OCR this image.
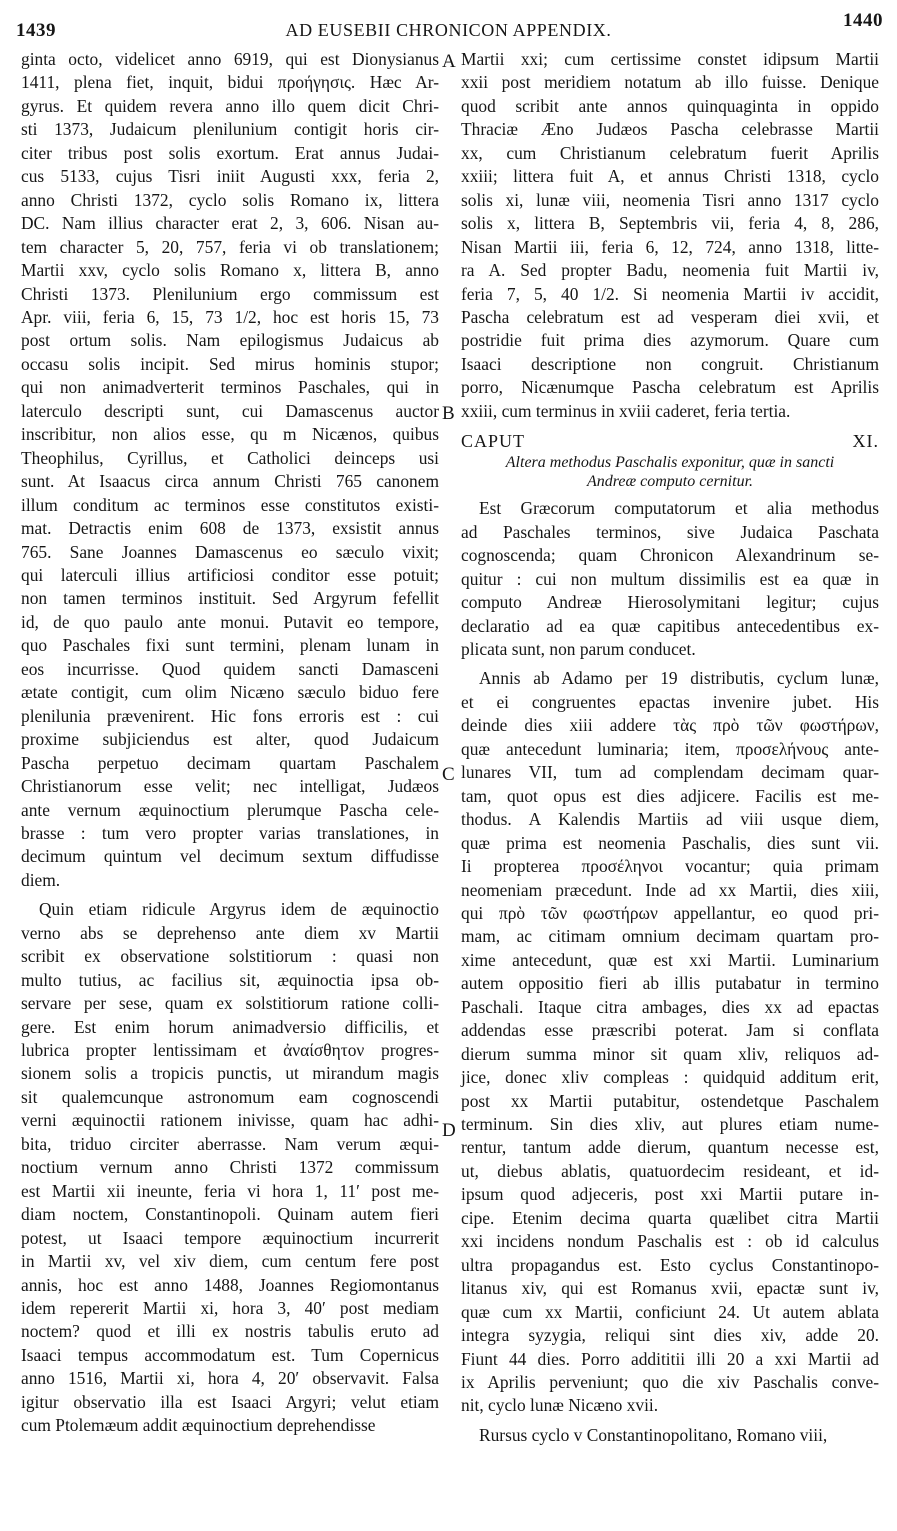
1439	AD EUSEBII CHRONICON APPENDIX.	1440
A
B
C
D

ginta octo, videlicet anno 6919, qui est Dionysianus

1411, plena fiet, inquit, bidui προήγησις. Hæc Ar-

gyrus. Et quidem revera anno illo quem dicit Chri-

sti 1373, Judaicum plenilunium contigit horis cir-

citer tribus post solis exortum. Erat annus Judai-

cus 5133, cujus Tisri iniit Augusti xxx, feria 2,

anno Christi 1372, cyclo solis Romano ix, littera

DC. Nam illius character erat 2, 3, 606. Nisan au-

tem character 5, 20, 757, feria vi ob translationem;

Martii xxv, cyclo solis Romano x, littera B, anno

Christi 1373. Plenilunium ergo commissum est

Apr. viii, feria 6, 15, 73 1/2, hoc est horis 15, 73

post ortum solis. Nam epilogismus Judaicus ab

occasu solis incipit. Sed mirus hominis stupor;

qui non animadverterit terminos Paschales, qui in

laterculo descripti sunt, cui Damascenus auctor

inscribitur, non alios esse, qu m Nicænos, quibus

Theophilus, Cyrillus, et Catholici deinceps usi

sunt. At Isaacus circa annum Christi 765 canonem

illum conditum ac terminos esse constitutos existi-

mat. Detractis enim 608 de 1373, exsistit annus

765. Sane Joannes Damascenus eo sæculo vixit;

qui laterculi illius artificiosi conditor esse potuit;

non tamen terminos instituit. Sed Argyrum fefellit

id, de quo paulo ante monui. Putavit eo tempore,

quo Paschales fixi sunt termini, plenam lunam in

eos incurrisse. Quod quidem sancti Damasceni

ætate contigit, cum olim Nicæno sæculo biduo fere

plenilunia prævenirent. Hic fons erroris est : cui

proxime subjiciendus est alter, quod Judaicum

Pascha perpetuo decimam quartam Paschalem

Christianorum esse velit; nec intelligat, Judæos

ante vernum æquinoctium plerumque Pascha cele-

brasse : tum vero propter varias translationes, in

decimum quintum vel decimum sextum diffudisse

diem.

Quin etiam ridicule Argyrus idem de æquinoctio

verno abs se deprehenso ante diem xv Martii

scribit ex observatione solstitiorum : quasi non

multo tutius, ac facilius sit, æquinoctia ipsa ob-

servare per sese, quam ex solstitiorum ratione colli-

gere. Est enim horum animadversio difficilis, et

lubrica propter lentissimam et ἀναίσθητον progres-

sionem solis a tropicis punctis, ut mirandum magis

sit qualemcunque astronomum eam cognoscendi

verni æquinoctii rationem inivisse, quam hac adhi-

bita, triduo circiter aberrasse. Nam verum æqui-

noctium vernum anno Christi 1372 commissum

est Martii xii ineunte, feria vi hora 1, 11′ post me-

diam noctem, Constantinopoli. Quinam autem fieri

potest, ut Isaaci tempore æquinoctium incurrerit

in Martii xv, vel xiv diem, cum centum fere post

annis, hoc est anno 1488, Joannes Regiomontanus

idem repererit Martii xi, hora 3, 40′ post mediam

noctem? quod et illi ex nostris tabulis eruto ad

Isaaci tempus accommodatum est. Tum Copernicus

anno 1516, Martii xi, hora 4, 20′ observavit. Falsa

igitur observatio illa est Isaaci Argyri; velut etiam

cum Ptolemæum addit æquinoctium deprehendisse

Martii xxi; cum certissime constet idipsum Martii

xxii post meridiem notatum ab illo fuisse. Denique

quod scribit ante annos quinquaginta in oppido

Thraciæ Æno Judæos Pascha celebrasse Martii

xx, cum Christianum celebratum fuerit Aprilis

xxiii; littera fuit A, et annus Christi 1318, cyclo

solis xi, lunæ viii, neomenia Tisri anno 1317 cyclo

solis x, littera B, Septembris vii, feria 4, 8, 286,

Nisan Martii iii, feria 6, 12, 724, anno 1318, litte-

ra A. Sed propter Badu, neomenia fuit Martii iv,

feria 7, 5, 40 1/2. Si neomenia Martii iv accidit,

Pascha celebratum est ad vesperam diei xvii, et

postridie fuit prima dies azymorum. Quare cum

Isaaci descriptione non congruit. Christianum

porro, Nicænumque Pascha celebratum est Aprilis

xxiii, cum terminus in xviii caderet, feria tertia.

CAPUT XI.

Altera methodus Paschalis exponitur, quæ in sancti
Andreæ computo cernitur.

Est Græcorum computatorum et alia methodus

ad Paschales terminos, sive Judaica Paschata

cognoscenda; quam Chronicon Alexandrinum se-

quitur : cui non multum dissimilis est ea quæ in

computo Andreæ Hierosolymitani legitur; cujus

declaratio ad ea quæ capitibus antecedentibus ex-

plicata sunt, non parum conducet.

Annis ab Adamo per 19 distributis, cyclum lunæ,

et ei congruentes epactas invenire jubet. His

deinde dies xiii addere τὰς πρὸ τῶν φωστήρων,

quæ antecedunt luminaria; item, προσελήνους ante-

lunares VII, tum ad complendam decimam quar-

tam, quot opus est dies adjicere. Facilis est me-

thodus. A Kalendis Martiis ad viii usque diem,

quæ prima est neomenia Paschalis, dies sunt vii.

Ii propterea προσέληνοι vocantur; quia primam

neomeniam præcedunt. Inde ad xx Martii, dies xiii,

qui πρὸ τῶν φωστήρων appellantur, eo quod pri-

mam, ac citimam omnium decimam quartam pro-

xime antecedunt, quæ est xxi Martii. Luminarium

autem oppositio fieri ab illis putabatur in termino

Paschali. Itaque citra ambages, dies xx ad epactas

addendas esse præscribi poterat. Jam si conflata

dierum summa minor sit quam xliv, reliquos ad-

jice, donec xliv compleas : quidquid additum erit,

post xx Martii putabitur, ostendetque Paschalem

terminum. Sin dies xliv, aut plures etiam nume-

rentur, tantum adde dierum, quantum necesse est,

ut, diebus ablatis, quatuordecim resideant, et id-

ipsum quod adjeceris, post xxi Martii putare in-

cipe. Etenim decima quarta quælibet citra Martii

xxi incidens nondum Paschalis est : ob id calculus

ultra propagandus est. Esto cyclus Constantinopo-

litanus xiv, qui est Romanus xvii, epactæ sunt iv,

quæ cum xx Martii, conficiunt 24. Ut autem ablata

integra syzygia, reliqui sint dies xiv, adde 20.

Fiunt 44 dies. Porro addititii illi 20 a xxi Martii ad

ix Aprilis perveniunt; quo die xiv Paschalis conve-

nit, cyclo lunæ Nicæno xvii.

Rursus cyclo v Constantinopolitano, Romano viii,
